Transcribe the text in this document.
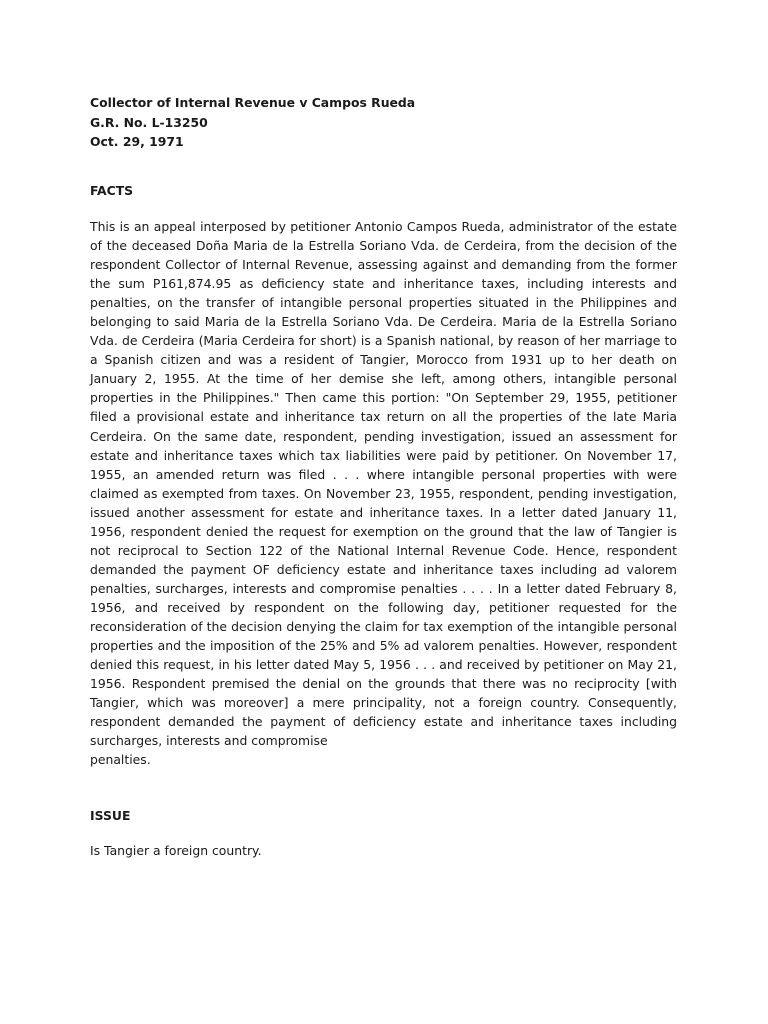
Collector of Internal Revenue v Campos Rueda

G.R. No. L-13250

Oct. 29, 1971

FACTS

This is an appeal interposed by petitioner Antonio Campos Rueda, administrator of the estate of the deceased Doña Maria de la Estrella Soriano Vda. de Cerdeira, from the decision of the respondent Collector of Internal Revenue, assessing against and demanding from the former the sum P161,874.95 as deficiency state and inheritance taxes, including interests and penalties, on the transfer of intangible personal properties situated in the Philippines and belonging to said Maria de la Estrella Soriano Vda. De Cerdeira. Maria de la Estrella Soriano Vda. de Cerdeira (Maria Cerdeira for short) is a Spanish national, by reason of her marriage to a Spanish citizen and was a resident of Tangier, Morocco from 1931 up to her death on January 2, 1955. At the time of her demise she left, among others, intangible personal properties in the Philippines." Then came this portion: "On September 29, 1955, petitioner filed a provisional estate and inheritance tax return on all the properties of the late Maria Cerdeira. On the same date, respondent, pending investigation, issued an assessment for estate and inheritance taxes which tax liabilities were paid by petitioner. On November 17, 1955, an amended return was filed . . . where intangible personal properties with were claimed as exempted from taxes. On November 23, 1955, respondent, pending investigation, issued another assessment for estate and inheritance taxes. In a letter dated January 11, 1956, respondent denied the request for exemption on the ground that the law of Tangier is not reciprocal to Section 122 of the National Internal Revenue Code. Hence, respondent demanded the payment OF deficiency estate and inheritance taxes including ad valorem penalties, surcharges, interests and compromise penalties . . . . In a letter dated February 8, 1956, and received by respondent on the following day, petitioner requested for the reconsideration of the decision denying the claim for tax exemption of the intangible personal properties and the imposition of the 25% and 5% ad valorem penalties. However, respondent denied this request, in his letter dated May 5, 1956 . . . and received by petitioner on May 21, 1956. Respondent premised the denial on the grounds that there was no reciprocity [with Tangier, which was moreover] a mere principality, not a foreign country. Consequently, respondent demanded the payment of deficiency estate and inheritance taxes including surcharges, interests and compromise
penalties.

ISSUE

Is Tangier a foreign country.
